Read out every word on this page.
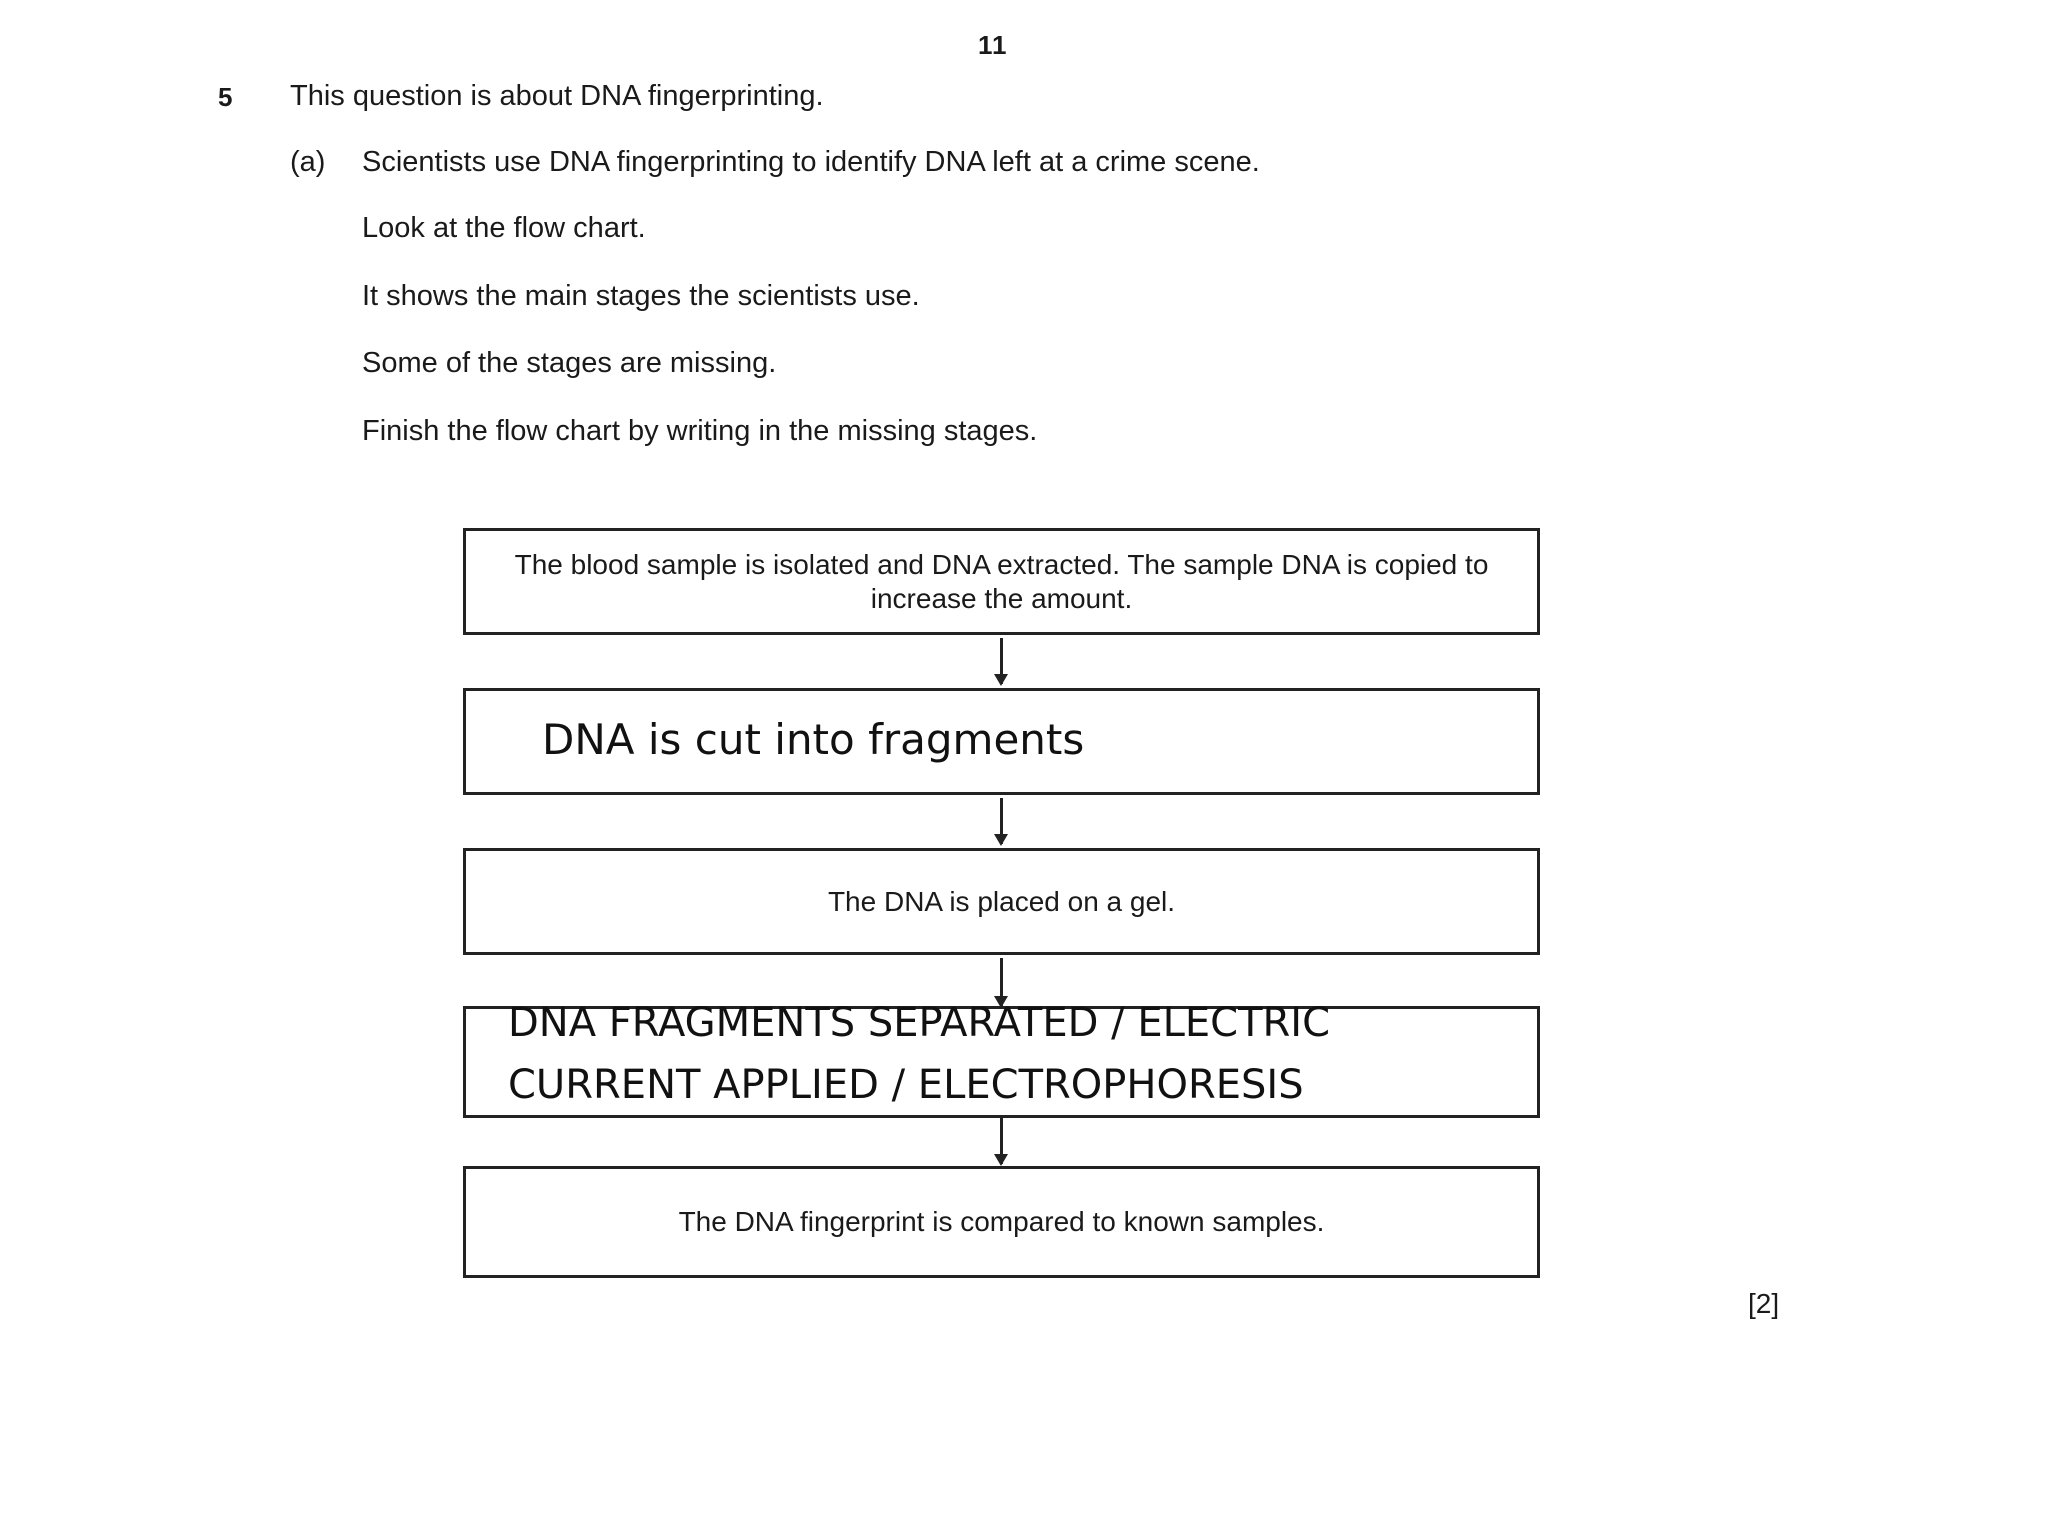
11
5 This question is about DNA fingerprinting.
(a) Scientists use DNA fingerprinting to identify DNA left at a crime scene.
Look at the flow chart.
It shows the main stages the scientists use.
Some of the stages are missing.
Finish the flow chart by writing in the missing stages.
The blood sample is isolated and DNA extracted. The sample DNA is copied to increase the amount.
DNA is cut into fragments
The DNA is placed on a gel.
DNA FRAGMENTS SEPARATED / ELECTRIC
CURRENT APPLIED / ELECTROPHORESIS
The DNA fingerprint is compared to known samples.
[2]
